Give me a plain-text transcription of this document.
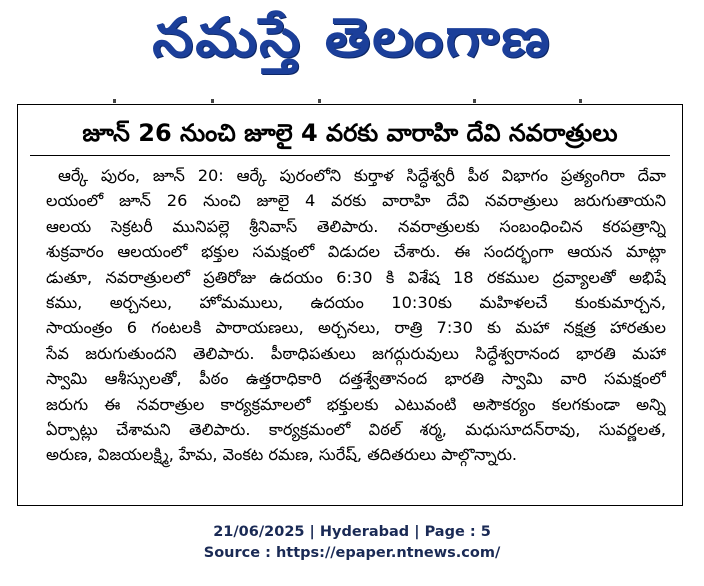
నమస్తే తెలంగాణ
జూన్ 26 నుంచి జూలై 4 వరకు వారాహి దేవి నవరాత్రులు
ఆర్కే పురం, జూన్ 20: ఆర్కే పురంలోని కుర్తాళ సిద్ధేశ్వరీ పీఠ విభాగం ప్రత్యంగిరా దేవా
లయంలో జూన్ 26 నుంచి జూలై 4 వరకు వారాహి దేవి నవరాత్రులు జరుగుతాయని
ఆలయ సెక్రటరీ మునిపల్లె శ్రీనివాస్ తెలిపారు. నవరాత్రులకు సంబంధించిన కరపత్రాన్ని
శుక్రవారం ఆలయంలో భక్తుల సమక్షంలో విడుదల చేశారు. ఈ సందర్భంగా ఆయన మాట్లా
డుతూ, నవరాత్రులలో ప్రతిరోజు ఉదయం 6:30 కి విశేష 18 రకముల ద్రవ్యాలతో అభిషే
కము, అర్చనలు, హోమములు, ఉదయం 10:30కు మహిళలచే కుంకుమార్చన,
సాయంత్రం 6 గంటలకి పారాయణలు, అర్చనలు, రాత్రి 7:30 కు మహా నక్షత్ర హారతుల
సేవ జరుగుతుందని తెలిపారు. పీఠాధిపతులు జగద్గురువులు సిద్ధేశ్వరానంద భారతి మహా
స్వామి ఆశీస్సులతో, పీఠం ఉత్తరాధికారి దత్తశ్వేతానంద భారతి స్వామి వారి సమక్షంలో
జరుగు ఈ నవరాత్రుల కార్యక్రమాలలో భక్తులకు ఎటువంటి అసౌకర్యం కలగకుండా అన్ని
ఏర్పాట్లు చేశామని తెలిపారు. కార్యక్రమంలో విఠల్ శర్మ, మధుసూదన్‌రావు, సువర్ణలత,
అరుణ, విజయలక్ష్మి, హేమ, వెంకట రమణ, సురేష్, తదితరులు పాల్గొన్నారు.
21/06/2025 | Hyderabad | Page : 5
Source : https://epaper.ntnews.com/
